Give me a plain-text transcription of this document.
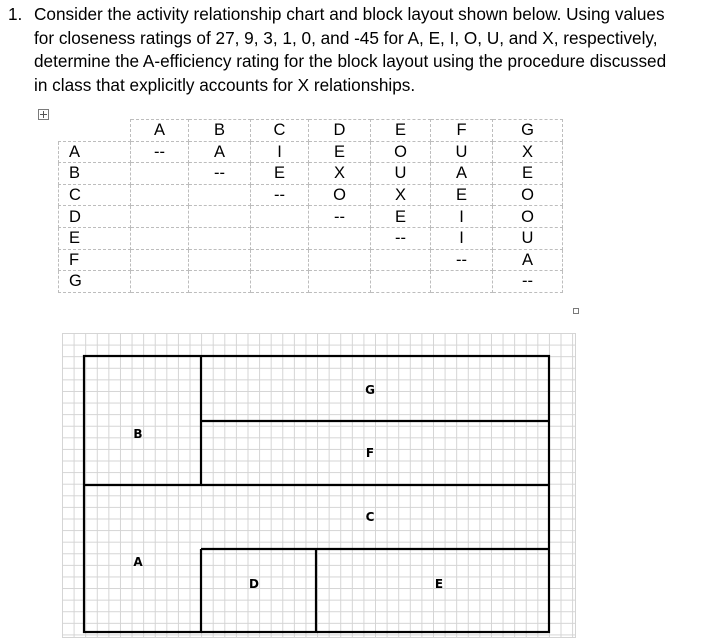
1. Consider the activity relationship chart and block layout shown below. Using values
for closeness ratings of 27, 9, 3, 1, 0, and -45 for A, E, I, O, U, and X, respectively,
determine the A-efficiency rating for the block layout using the procedure discussed
in class that explicitly accounts for X relationships.
	A	B	C	D	E	F	G
A	--	A	I	E	O	U	X
B		--	E	X	U	A	E
C			--	O	X	E	O
D				--	E	I	O
E					--	I	U
F						--	A
G							--
B
G
F
C
A
D	E
